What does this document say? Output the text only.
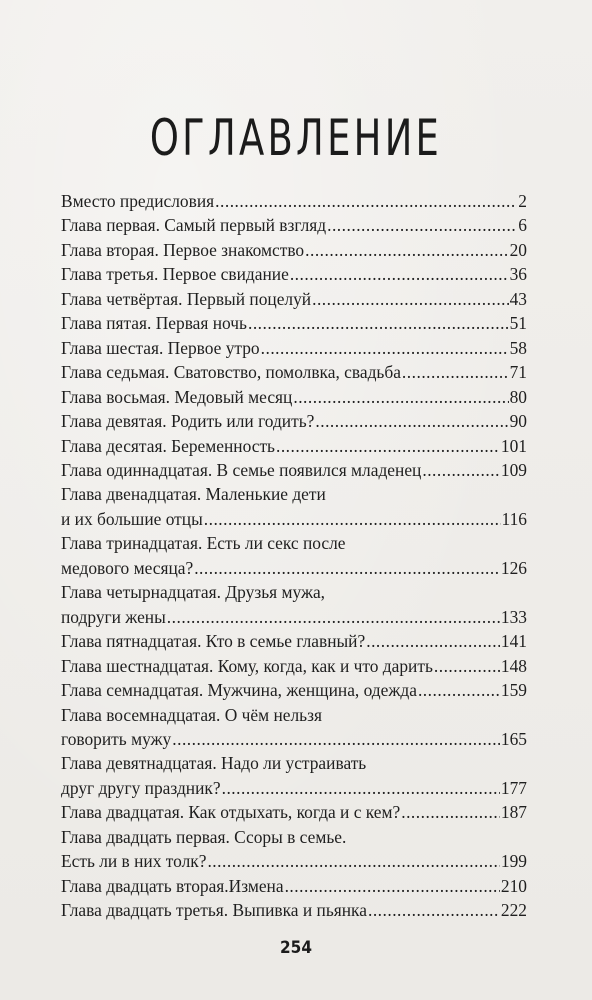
ОГЛАВЛЕНИЕ
Вместо предисловия .....	2
Глава первая. Самый первый взгляд .....	6
Глава вторая. Первое знакомство .....	20
Глава третья. Первое свидание .....	36
Глава четвёртая. Первый поцелуй .....	43
Глава пятая. Первая ночь .....	51
Глава шестая. Первое утро .....	58
Глава седьмая. Сватовство, помолвка, свадьба .....	71
Глава восьмая. Медовый месяц .....	80
Глава девятая. Родить или годить? .....	90
Глава десятая. Беременность .....	101
Глава одиннадцатая. В семье появился младенец .....	109
Глава двенадцатая. Маленькие дети
и их большие отцы .....	116
Глава тринадцатая. Есть ли секс после
медового месяца? .....	126
Глава четырнадцатая. Друзья мужа,
подруги жены .....	133
Глава пятнадцатая. Кто в семье главный? .....	141
Глава шестнадцатая. Кому, когда, как и что дарить .....	148
Глава семнадцатая. Мужчина, женщина, одежда .....	159
Глава восемнадцатая. О чём нельзя
говорить мужу .....	165
Глава девятнадцатая. Надо ли устраивать
друг другу праздник? .....	177
Глава двадцатая. Как отдыхать, когда и с кем? .....	187
Глава двадцать первая. Ссоры в семье.
Есть ли в них толк? .....	199
Глава двадцать вторая.Измена .....	210
Глава двадцать третья. Выпивка и пьянка .....	222
254
